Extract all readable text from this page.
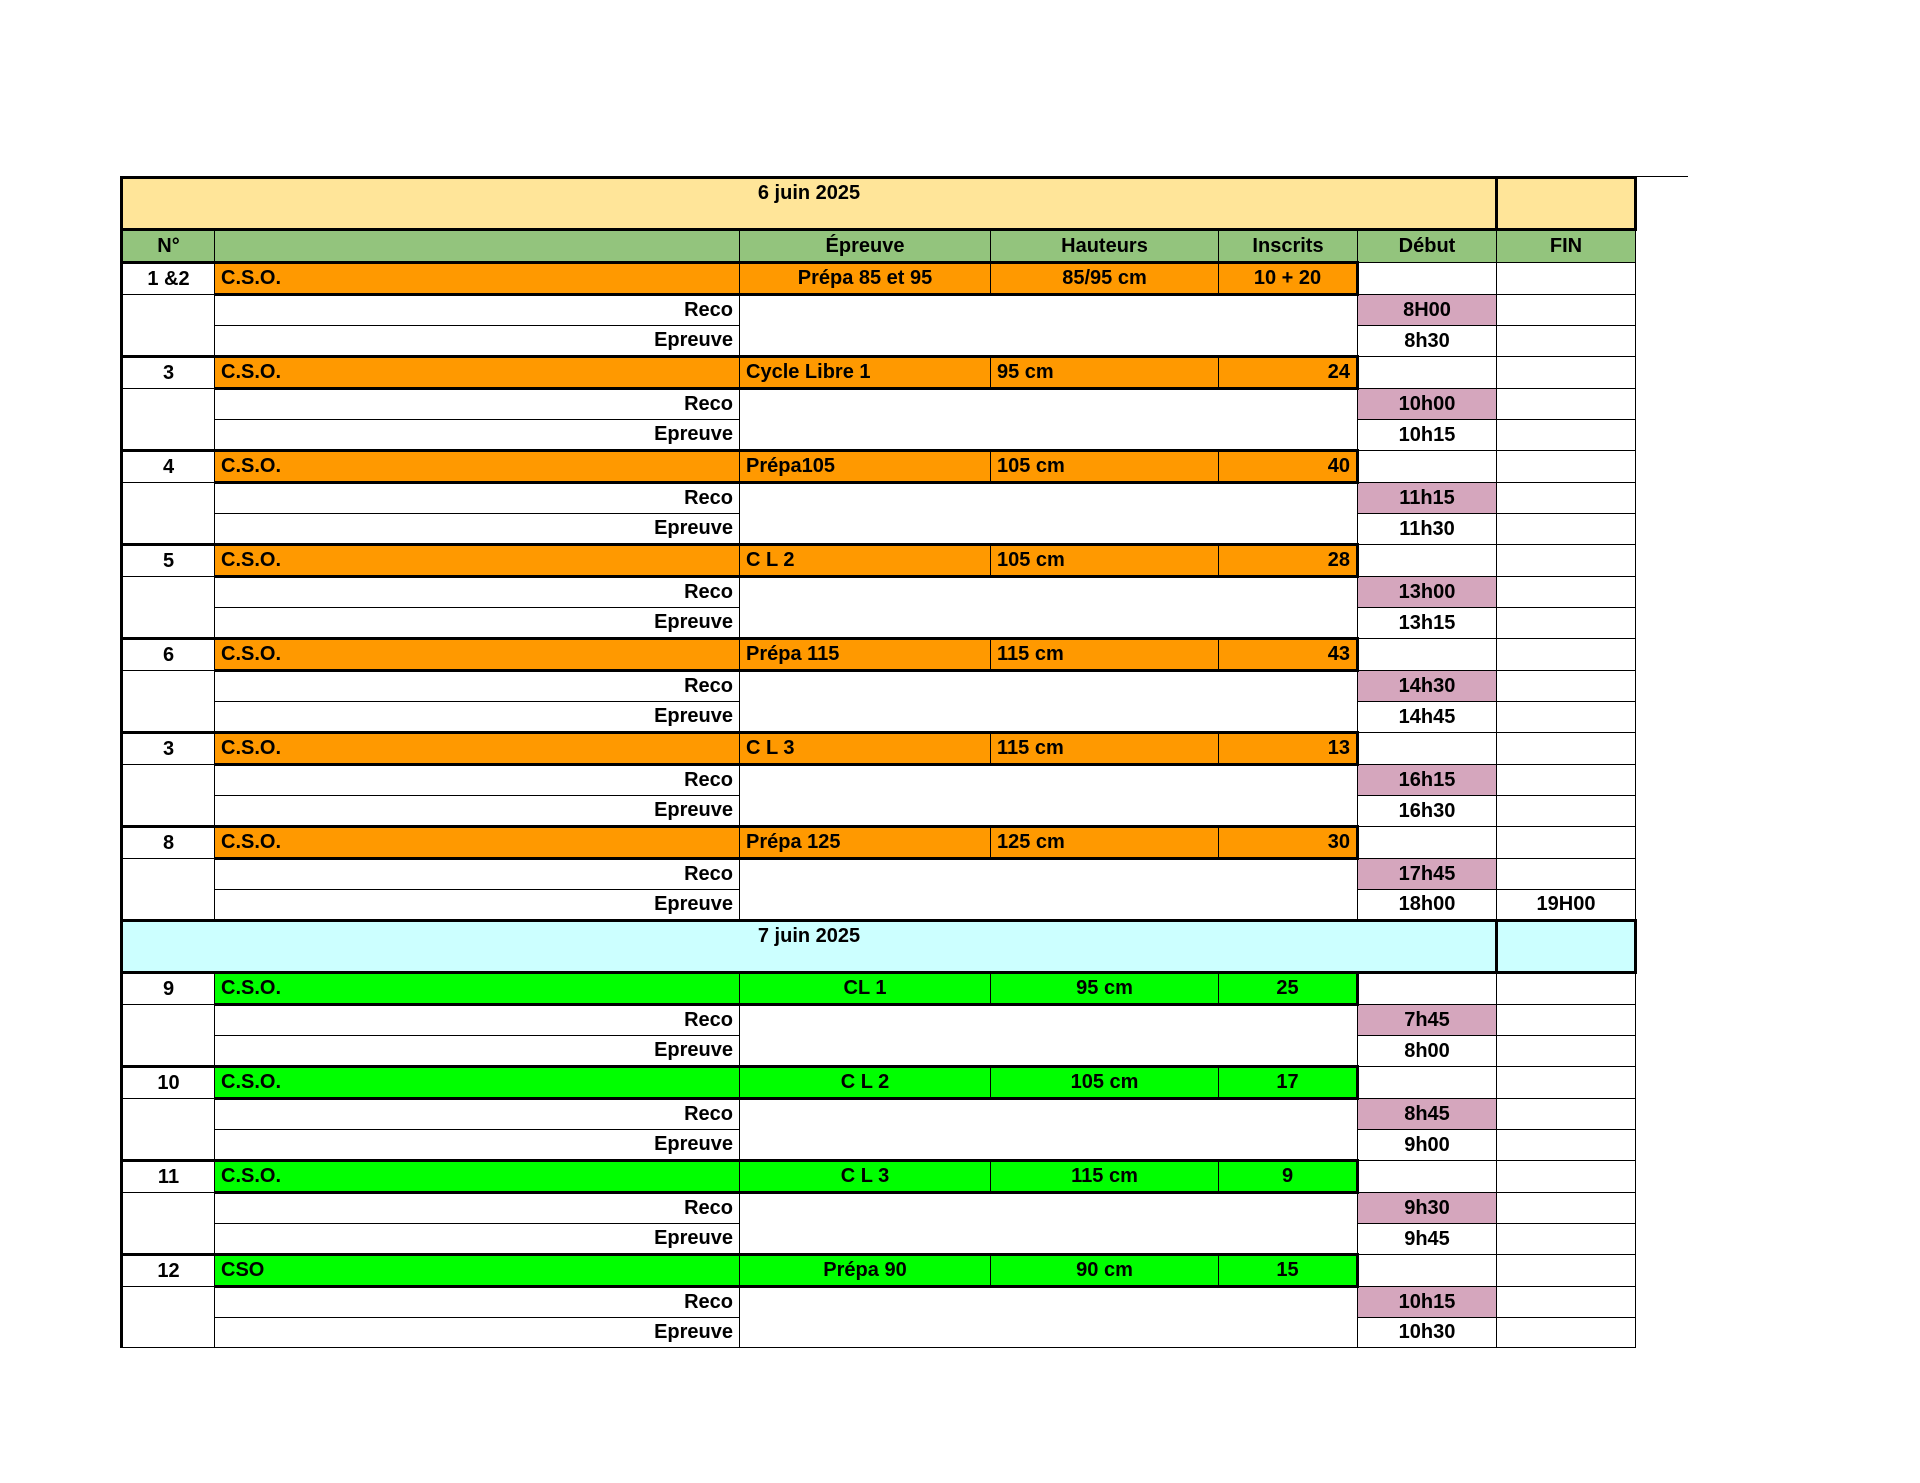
6 juin 2025						
N°		Épreuve	Hauteurs	Inscrits	Début	FIN
1 &2	C.S.O.	Prépa 85 et 95	85/95 cm	10 + 20		
	Reco				8H00	
	Epreuve				8h30	
3	C.S.O.	Cycle Libre 1	95 cm	24		
	Reco				10h00	
	Epreuve				10h15	
4	C.S.O.	Prépa105	105 cm	40		
	Reco				11h15	
	Epreuve				11h30	
5	C.S.O.	C L 2	105 cm	28		
	Reco				13h00	
	Epreuve				13h15	
6	C.S.O.	Prépa 115	115 cm	43		
	Reco				14h30	
	Epreuve				14h45	
3	C.S.O.	C L 3	115 cm	13		
	Reco				16h15	
	Epreuve				16h30	
8	C.S.O.	Prépa 125	125 cm	30		
	Reco				17h45	
	Epreuve				18h00	19H00
7 juin 2025						
9	C.S.O.	CL 1	95 cm	25		
	Reco				7h45	
	Epreuve				8h00	
10	C.S.O.	C L 2	105 cm	17		
	Reco				8h45	
	Epreuve				9h00	
11	C.S.O.	C L 3	115 cm	9		
	Reco				9h30	
	Epreuve				9h45	
12	CSO	Prépa 90	90 cm	15		
	Reco				10h15	
	Epreuve				10h30	
